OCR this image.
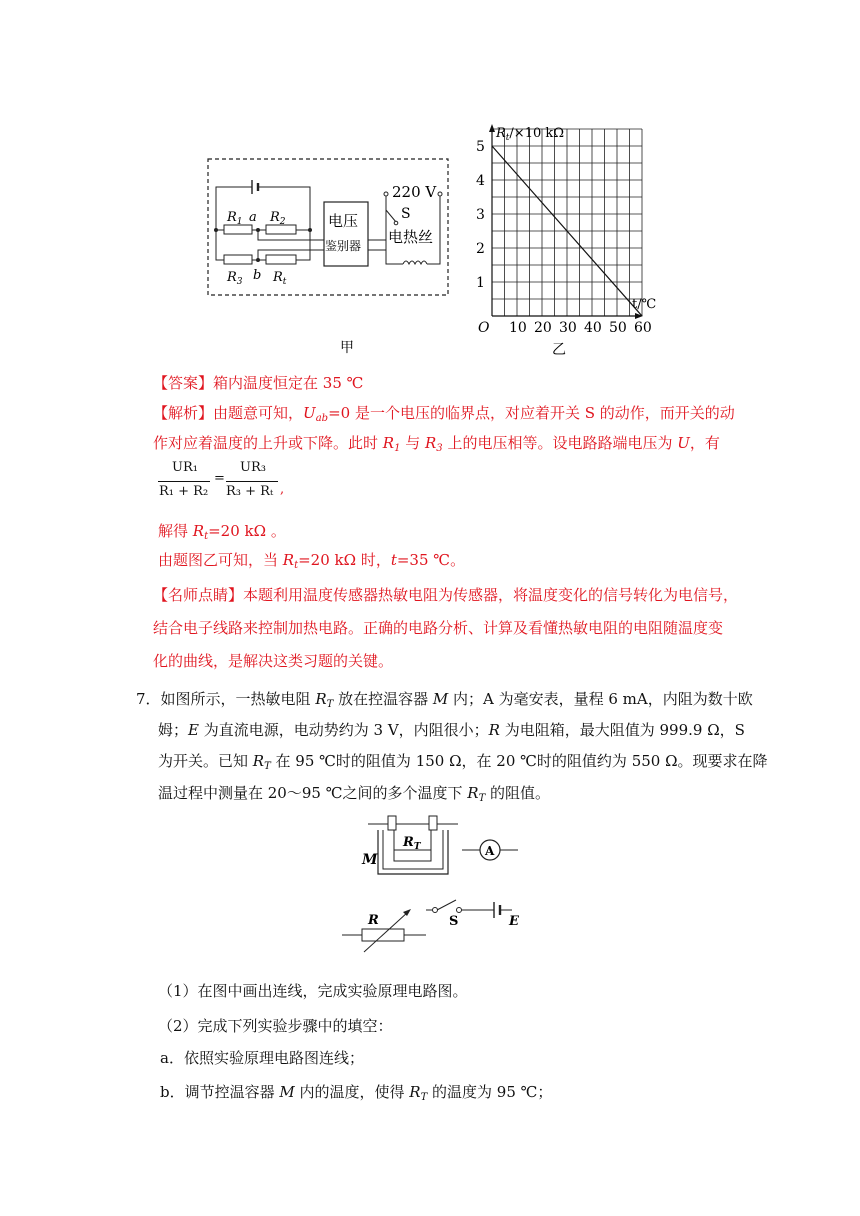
$R_1$ a $R_2$
$R_3$ b $R_t$
电压
鉴别器
220 V
S
电热丝
甲
1
2
3
4
5
10 20 30 40 50 60
$R_t/\times 10$ kΩ
t/℃
O
乙
【答案】箱内温度恒定在 35 ℃
【解析】由题意可知，$U_{ab}=0$ 是一个电压的临界点，对应着开关 S 的动作，而开关的动
作对应着温度的上升或下降。此时 $R_1$ 与 $R_3$ 上的电压相等。设电路路端电压为 U，有
UR₁
R₁ + R₂
=
UR₃
R₃ + Rₜ ,
解得 $R_t=20$ kΩ 。
由题图乙可知，当 $R_t=20$ kΩ 时，t=35 ℃。
【名师点睛】本题利用温度传感器热敏电阻为传感器，将温度变化的信号转化为电信号，
结合电子线路来控制加热电路。正确的电路分析、计算及看懂热敏电阻的电阻随温度变
化的曲线，是解决这类习题的关键。
7．如图所示，一热敏电阻 $R_T$ 放在控温容器 M 内；A 为毫安表，量程 6 mA，内阻为数十欧
姆；E 为直流电源，电动势约为 3 V，内阻很小；R 为电阻箱，最大阻值为 999.9 Ω，S
为开关。已知 $R_T$ 在 95 ℃时的阻值为 150 Ω，在 20 ℃时的阻值约为 550 Ω。现要求在降
温过程中测量在 20～95 ℃之间的多个温度下 $R_T$ 的阻值。
M
$R_T$	A
S	E
R
（1）在图中画出连线，完成实验原理电路图。
（2）完成下列实验步骤中的填空：
a．依照实验原理电路图连线；
b．调节控温容器 M 内的温度，使得 $R_T$ 的温度为 95 ℃；
